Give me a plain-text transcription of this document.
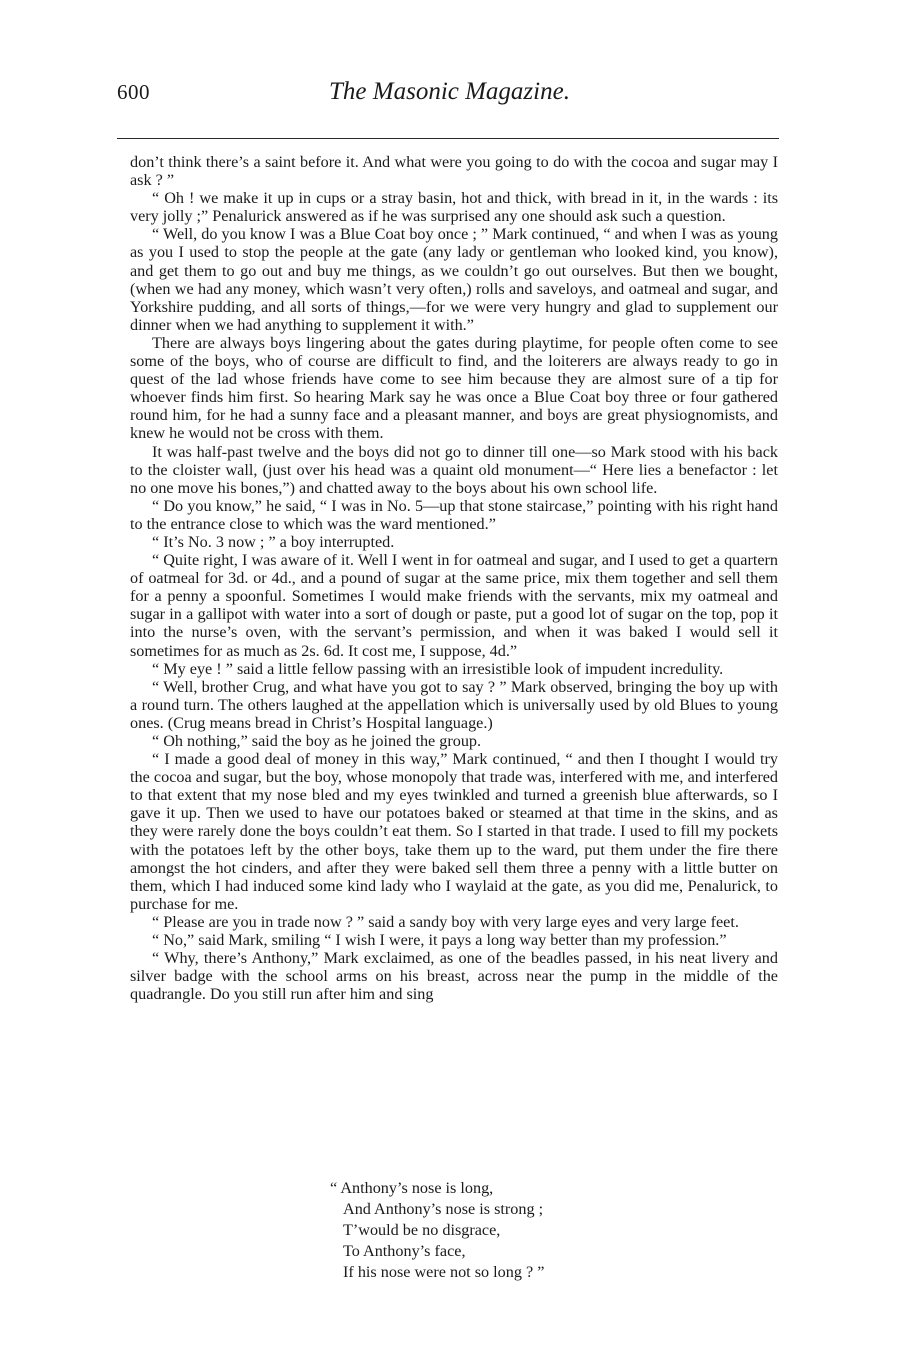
600	The Masonic Magazine.

don’t think there’s a saint before it. And what were you going to do with the cocoa and sugar may I ask ? ”

“ Oh ! we make it up in cups or a stray basin, hot and thick, with bread in it, in the wards : its very jolly ;” Penalurick answered as if he was surprised any one should ask such a question.

“ Well, do you know I was a Blue Coat boy once ; ” Mark continued, “ and when I was as young as you I used to stop the people at the gate (any lady or gentleman who looked kind, you know), and get them to go out and buy me things, as we couldn’t go out ourselves. But then we bought, (when we had any money, which wasn’t very often,) rolls and saveloys, and oatmeal and sugar, and Yorkshire pudding, and all sorts of things,—for we were very hungry and glad to supplement our dinner when we had anything to supplement it with.”

There are always boys lingering about the gates during playtime, for people often come to see some of the boys, who of course are difficult to find, and the loiterers are always ready to go in quest of the lad whose friends have come to see him because they are almost sure of a tip for whoever finds him first. So hearing Mark say he was once a Blue Coat boy three or four gathered round him, for he had a sunny face and a pleasant manner, and boys are great physiognomists, and knew he would not be cross with them.

It was half-past twelve and the boys did not go to dinner till one—so Mark stood with his back to the cloister wall, (just over his head was a quaint old monument—“ Here lies a benefactor : let no one move his bones,”) and chatted away to the boys about his own school life.

“ Do you know,” he said, “ I was in No. 5—up that stone staircase,” pointing with his right hand to the entrance close to which was the ward mentioned.”

“ It’s No. 3 now ; ” a boy interrupted.

“ Quite right, I was aware of it. Well I went in for oatmeal and sugar, and I used to get a quartern of oatmeal for 3d. or 4d., and a pound of sugar at the same price, mix them together and sell them for a penny a spoonful. Sometimes I would make friends with the servants, mix my oatmeal and sugar in a gallipot with water into a sort of dough or paste, put a good lot of sugar on the top, pop it into the nurse’s oven, with the servant’s permission, and when it was baked I would sell it sometimes for as much as 2s. 6d. It cost me, I suppose, 4d.”

“ My eye ! ” said a little fellow passing with an irresistible look of impudent incredulity.

“ Well, brother Crug, and what have you got to say ? ” Mark observed, bringing the boy up with a round turn. The others laughed at the appellation which is universally used by old Blues to young ones. (Crug means bread in Christ’s Hospital language.)

“ Oh nothing,” said the boy as he joined the group.

“ I made a good deal of money in this way,” Mark continued, “ and then I thought I would try the cocoa and sugar, but the boy, whose monopoly that trade was, interfered with me, and interfered to that extent that my nose bled and my eyes twinkled and turned a greenish blue afterwards, so I gave it up. Then we used to have our potatoes baked or steamed at that time in the skins, and as they were rarely done the boys couldn’t eat them. So I started in that trade. I used to fill my pockets with the potatoes left by the other boys, take them up to the ward, put them under the fire there amongst the hot cinders, and after they were baked sell them three a penny with a little butter on them, which I had induced some kind lady who I waylaid at the gate, as you did me, Penalurick, to purchase for me.

“ Please are you in trade now ? ” said a sandy boy with very large eyes and very large feet.

“ No,” said Mark, smiling “ I wish I were, it pays a long way better than my profession.”

“ Why, there’s Anthony,” Mark exclaimed, as one of the beadles passed, in his neat livery and silver badge with the school arms on his breast, across near the pump in the middle of the quadrangle. Do you still run after him and sing

“ Anthony’s nose is long,
And Anthony’s nose is strong ;
T’would be no disgrace,
To Anthony’s face,
If his nose were not so long ? ”
